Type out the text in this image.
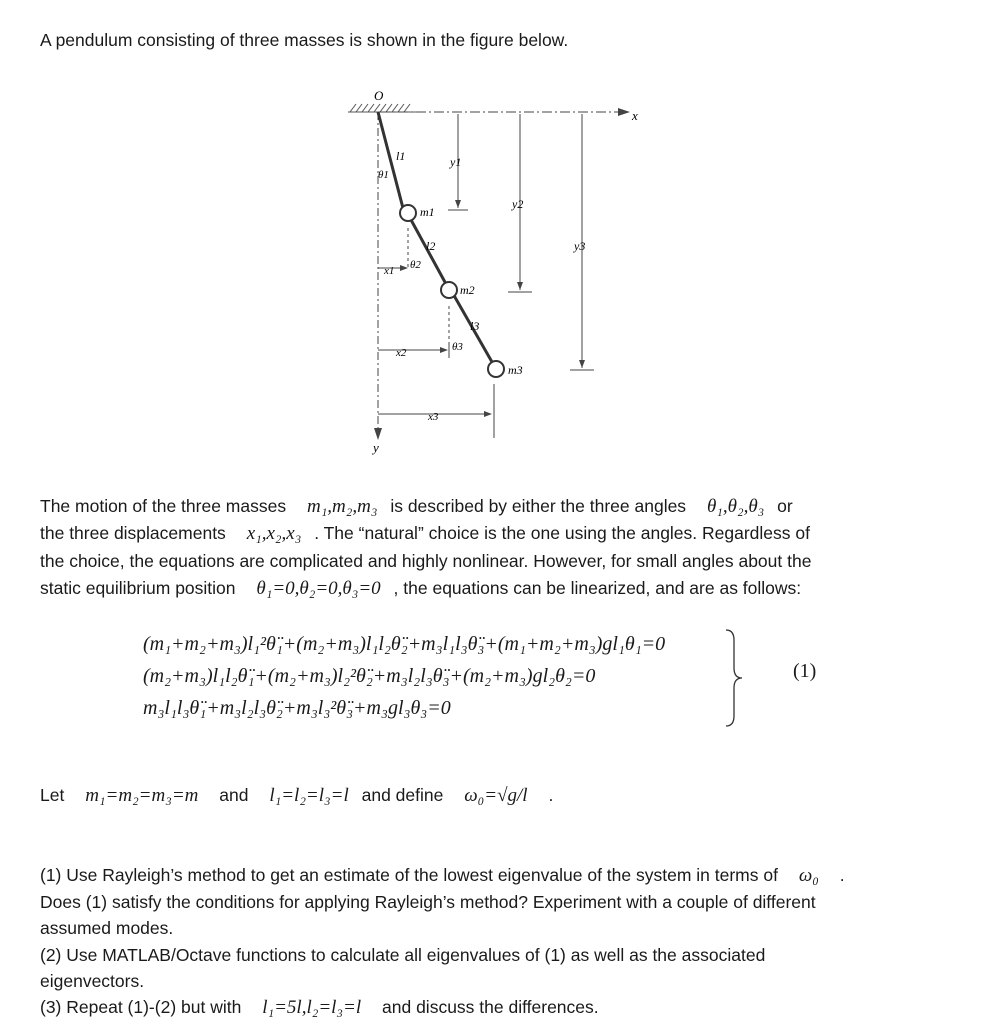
A pendulum consisting of three masses is shown in the figure below.

O
x
y
m1
m2
m3
l1
θ1
l2
θ2
l3
θ3
y1
y2
y3
x1
x2
x3

The motion of the three masses m₁,m₂,m₃ is described by either the three angles θ₁,θ₂,θ₃ or

the three displacements x₁,x₂,x₃ . The “natural” choice is the one using the angles. Regardless of

the choice, the equations are complicated and highly nonlinear. However, for small angles about the

static equilibrium position θ₁=0,θ₂=0,θ₃=0 , the equations can be linearized, and are as follows:

(m₁+m₂+m₃)l₁²θ̈₁+(m₂+m₃)l₁l₂θ̈₂+m₃l₁l₃θ̈₃+(m₁+m₂+m₃)gl₁θ₁=0
(m₂+m₃)l₁l₂θ̈₁+(m₂+m₃)l₂²θ̈₂+m₃l₂l₃θ̈₃+(m₂+m₃)gl₂θ₂=0
m₃l₁l₃θ̈₁+m₃l₂l₃θ̈₂+m₃l₃²θ̈₃+m₃gl₃θ₃=0
(1)

Let m₁=m₂=m₃=m and l₁=l₂=l₃=l and define ω₀=√g/l .

(1) Use Rayleigh’s method to get an estimate of the lowest eigenvalue of the system in terms of ω₀ .

Does (1) satisfy the conditions for applying Rayleigh’s method? Experiment with a couple of different

assumed modes.

(2) Use MATLAB/Octave functions to calculate all eigenvalues of (1) as well as the associated

eigenvectors.

(3) Repeat (1)-(2) but with l₁=5l,l₂=l₃=l and discuss the differences.
